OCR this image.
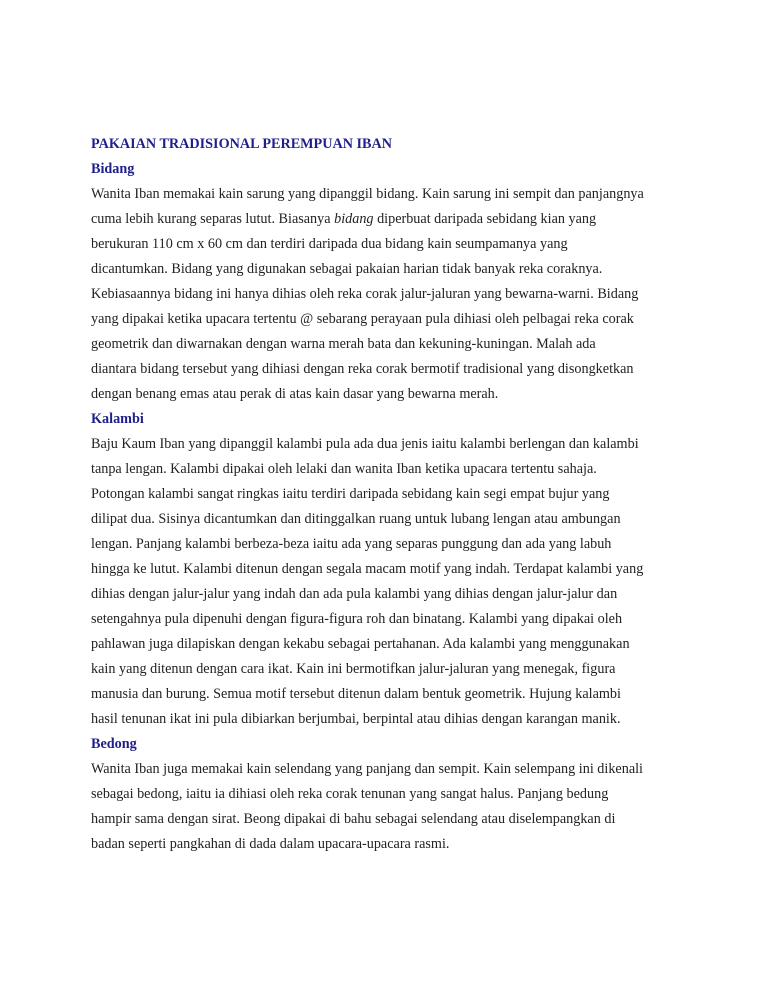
PAKAIAN TRADISIONAL PEREMPUAN IBAN
Bidang
Wanita Iban memakai kain sarung yang dipanggil bidang. Kain sarung ini sempit dan panjangnya
cuma lebih kurang separas lutut. Biasanya bidang diperbuat daripada sebidang kian yang
berukuran 110 cm x 60 cm dan terdiri daripada dua bidang kain seumpamanya yang
dicantumkan. Bidang yang digunakan sebagai pakaian harian tidak banyak reka coraknya.
Kebiasaannya bidang ini hanya dihias oleh reka corak jalur-jaluran yang bewarna-warni. Bidang
yang dipakai ketika upacara tertentu @ sebarang perayaan pula dihiasi oleh pelbagai reka corak
geometrik dan diwarnakan dengan warna merah bata dan kekuning-kuningan. Malah ada
diantara bidang tersebut yang dihiasi dengan reka corak bermotif tradisional yang disongketkan
dengan benang emas atau perak di atas kain dasar yang bewarna merah.
Kalambi
Baju Kaum Iban yang dipanggil kalambi pula ada dua jenis iaitu kalambi berlengan dan kalambi
tanpa lengan. Kalambi dipakai oleh lelaki dan wanita Iban ketika upacara tertentu sahaja.
Potongan kalambi sangat ringkas iaitu terdiri daripada sebidang kain segi empat bujur yang
dilipat dua. Sisinya dicantumkan dan ditinggalkan ruang untuk lubang lengan atau ambungan
lengan. Panjang kalambi berbeza-beza iaitu ada yang separas punggung dan ada yang labuh
hingga ke lutut. Kalambi ditenun dengan segala macam motif yang indah. Terdapat kalambi yang
dihias dengan jalur-jalur yang indah dan ada pula kalambi yang dihias dengan jalur-jalur dan
setengahnya pula dipenuhi dengan figura-figura roh dan binatang. Kalambi yang dipakai oleh
pahlawan juga dilapiskan dengan kekabu sebagai pertahanan. Ada kalambi yang menggunakan
kain yang ditenun dengan cara ikat. Kain ini bermotifkan jalur-jaluran yang menegak, figura
manusia dan burung. Semua motif tersebut ditenun dalam bentuk geometrik. Hujung kalambi
hasil tenunan ikat ini pula dibiarkan berjumbai, berpintal atau dihias dengan karangan manik.
Bedong
Wanita Iban juga memakai kain selendang yang panjang dan sempit. Kain selempang ini dikenali
sebagai bedong, iaitu ia dihiasi oleh reka corak tenunan yang sangat halus. Panjang bedung
hampir sama dengan sirat. Beong dipakai di bahu sebagai selendang atau diselempangkan di
badan seperti pangkahan di dada dalam upacara-upacara rasmi.
